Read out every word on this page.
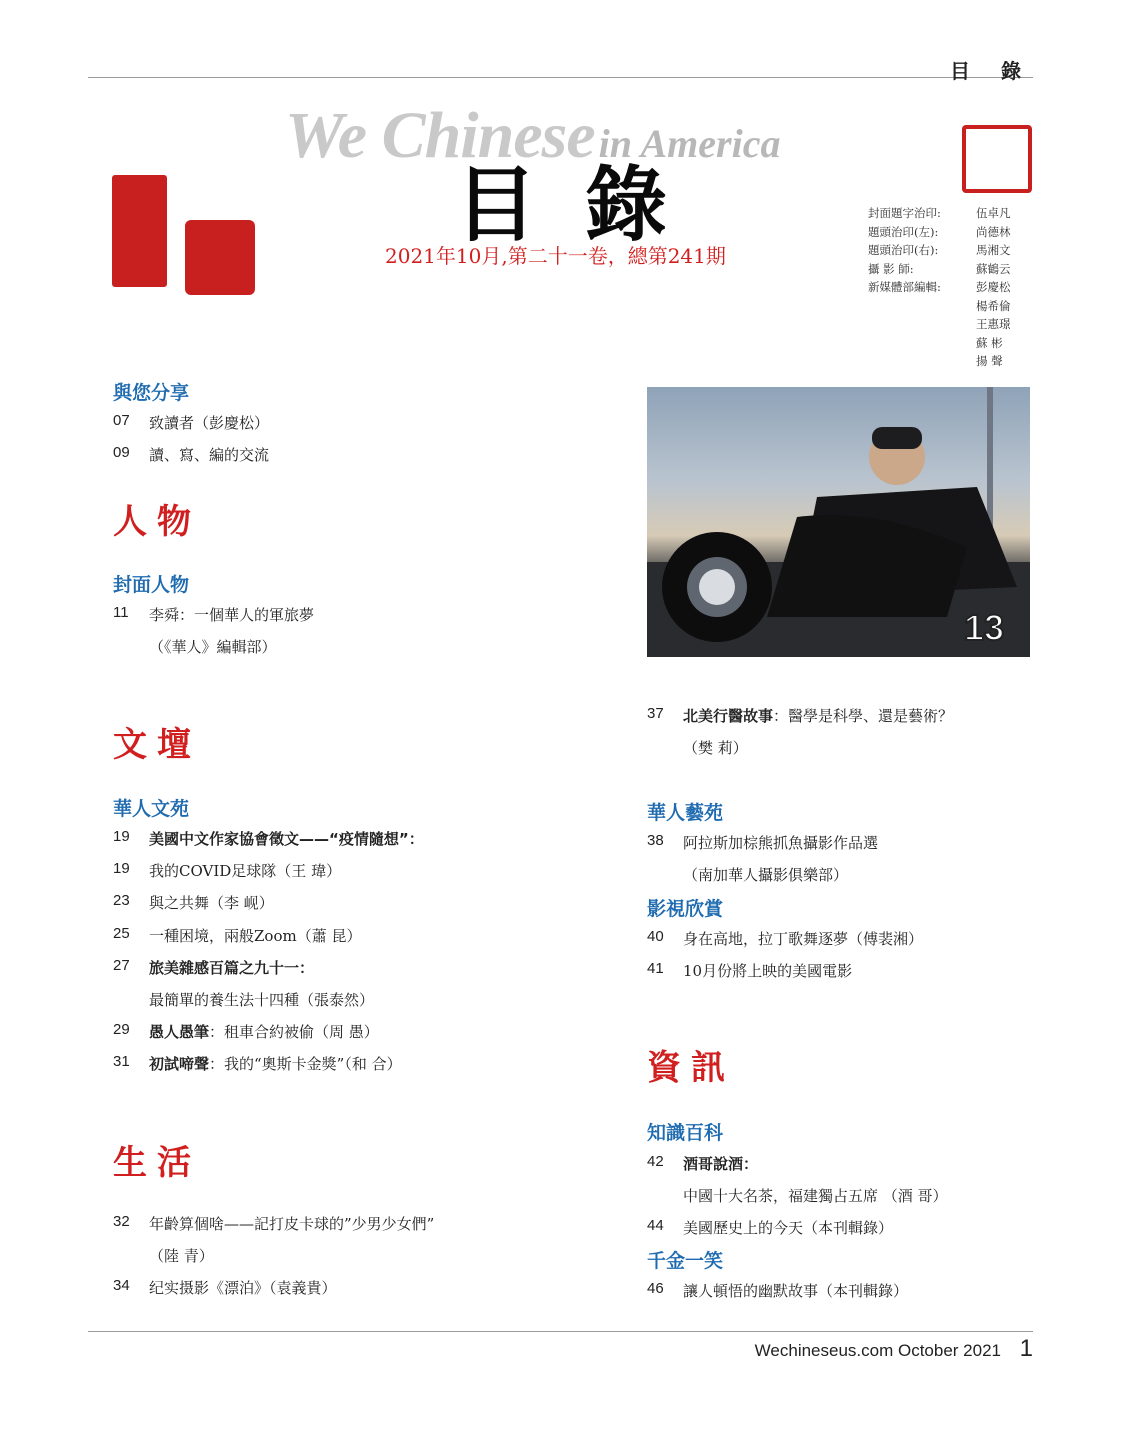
目 錄
We Chinese in America
目錄
2021年10月,第二十一卷，總第241期
封面題字治印:	伍卓凡
題頭治印(左):	尚德林
題頭治印(右):	馬湘文
攝 影 師:	蘇鶴云
新媒體部編輯:	彭慶松
楊希倫
王惠璟
蘇 彬
揚 聲
13
與您分享
07	致讀者（彭慶松）
09	讀、寫、編的交流
人物
封面人物
11	李舜：一個華人的軍旅夢
（《華人》編輯部）
文壇
華人文苑
19	美國中文作家協會徵文——“疫情隨想”：
19	我的COVID足球隊（王 瑋）
23	與之共舞（李 岘）
25	一種困境，兩般Zoom（蕭 昆）
27	旅美雜感百篇之九十一：
最簡單的養生法十四種（張泰然）
29	愚人愚筆 ：租車合約被偷（周 愚）
31	初試啼聲 ：我的“奧斯卡金獎”（和 合）
生活
32	年齡算個啥——記打皮卡球的”少男少女們”
（陸 青）
34	纪实摄影《漂泊》（袁義貴）
37	北美行醫故事 ：醫學是科學、還是藝術？
（樊 莉）
華人藝苑
38	阿拉斯加棕熊抓魚攝影作品選
（南加華人攝影俱樂部）
影視欣賞
40	身在高地，拉丁歌舞逐夢（傅裴湘）
41	10月份將上映的美國電影
資訊
知識百科
42	酒哥說酒：
中國十大名茶，福建獨占五席 （酒 哥）
44	美國歷史上的今天（本刊輯錄）
千金一笑
46	讓人頓悟的幽默故事（本刊輯錄）
Wechineseus.com October 2021 1
